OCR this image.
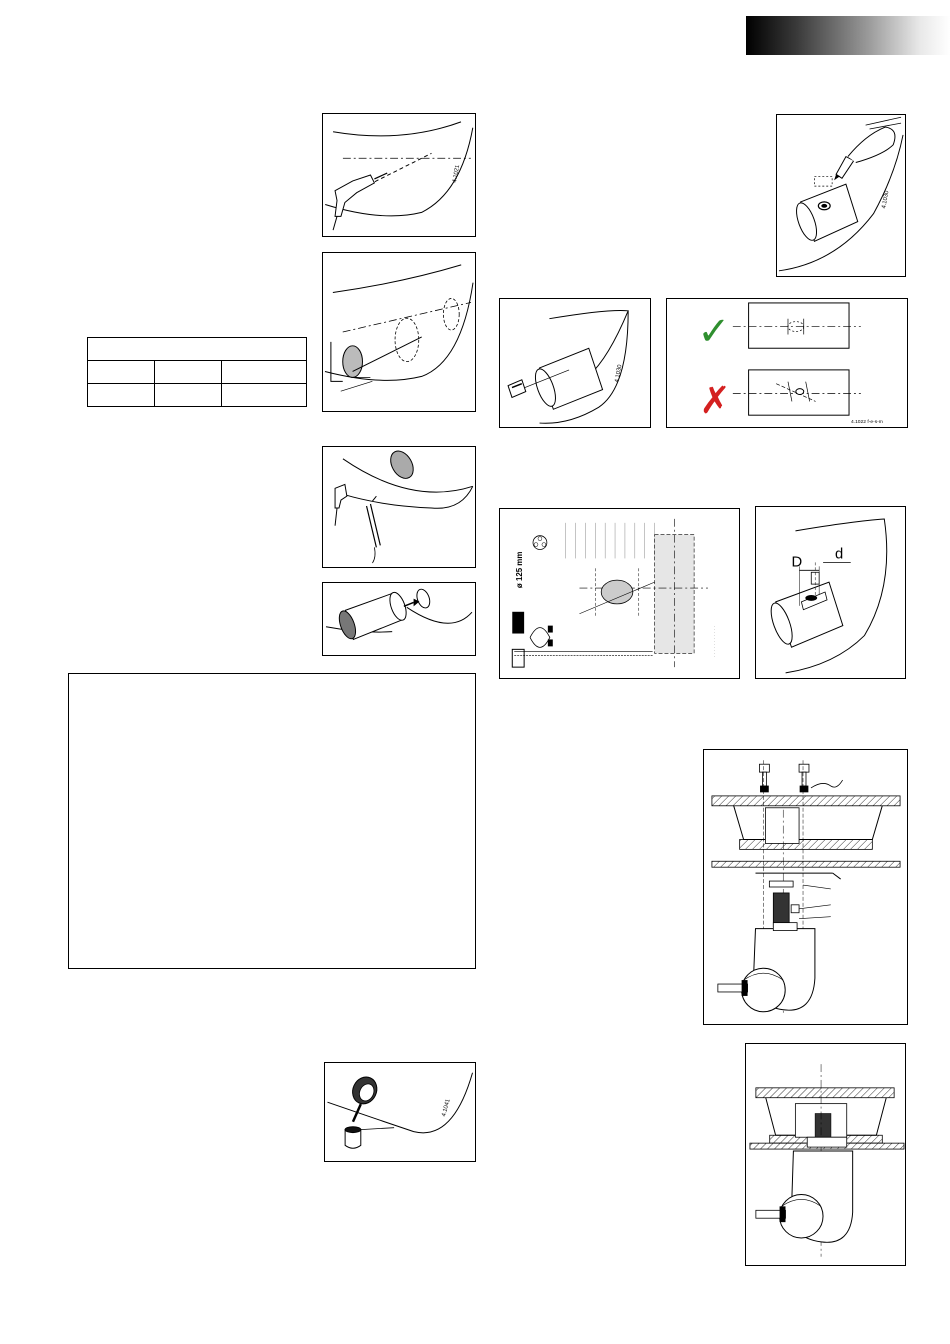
4.1021

4.1041
4.1030
4.1030
✓
✗
4.1022 f-e-s-m
ø 125 mm
· · · · · · · · · · ·
D d
